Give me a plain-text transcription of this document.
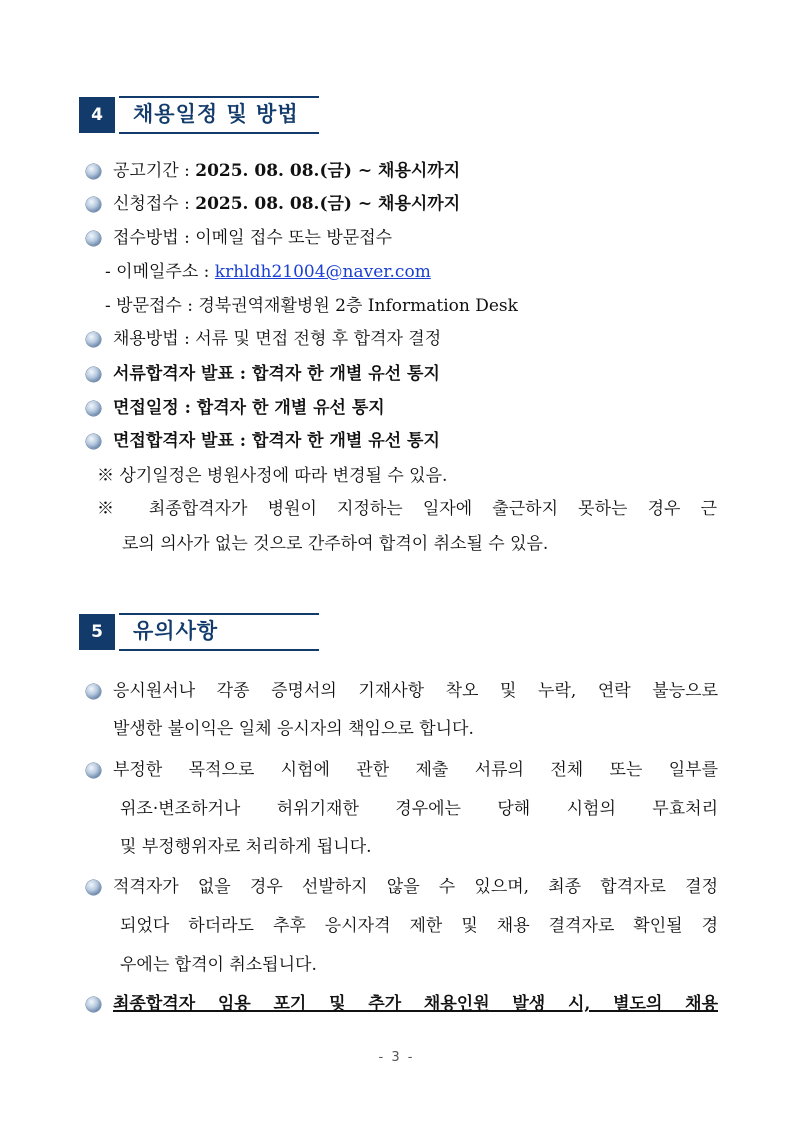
4	채용일정 및 방법
공고기간 : 2025. 08. 08.(금) ~ 채용시까지
신청접수 : 2025. 08. 08.(금) ~ 채용시까지
접수방법 : 이메일 접수 또는 방문접수
- 이메일주소 : krhldh21004@naver.com
- 방문접수 : 경북권역재활병원 2층 Information Desk
채용방법 : 서류 및 면접 전형 후 합격자 결정
서류합격자 발표 : 합격자 한 개별 유선 통지
면접일정 : 합격자 한 개별 유선 통지
면접합격자 발표 : 합격자 한 개별 유선 통지
※ 상기일정은 병원사정에 따라 변경될 수 있음.
※ 최종합격자가 병원이 지정하는 일자에 출근하지 못하는 경우 근
로의 의사가 없는 것으로 간주하여 합격이 취소될 수 있음.
5	유의사항
응시원서나 각종 증명서의 기재사항 착오 및 누락, 연락 불능으로
발생한 불이익은 일체 응시자의 책임으로 합니다.
부정한 목적으로 시험에 관한 제출 서류의 전체 또는 일부를
위조·변조하거나 허위기재한 경우에는 당해 시험의 무효처리
및 부정행위자로 처리하게 됩니다.
적격자가 없을 경우 선발하지 않을 수 있으며, 최종 합격자로 결정
되었다 하더라도 추후 응시자격 제한 및 채용 결격자로 확인될 경
우에는 합격이 취소됩니다.
최종합격자 임용 포기 및 추가 채용인원 발생 시, 별도의 채용
- 3 -
